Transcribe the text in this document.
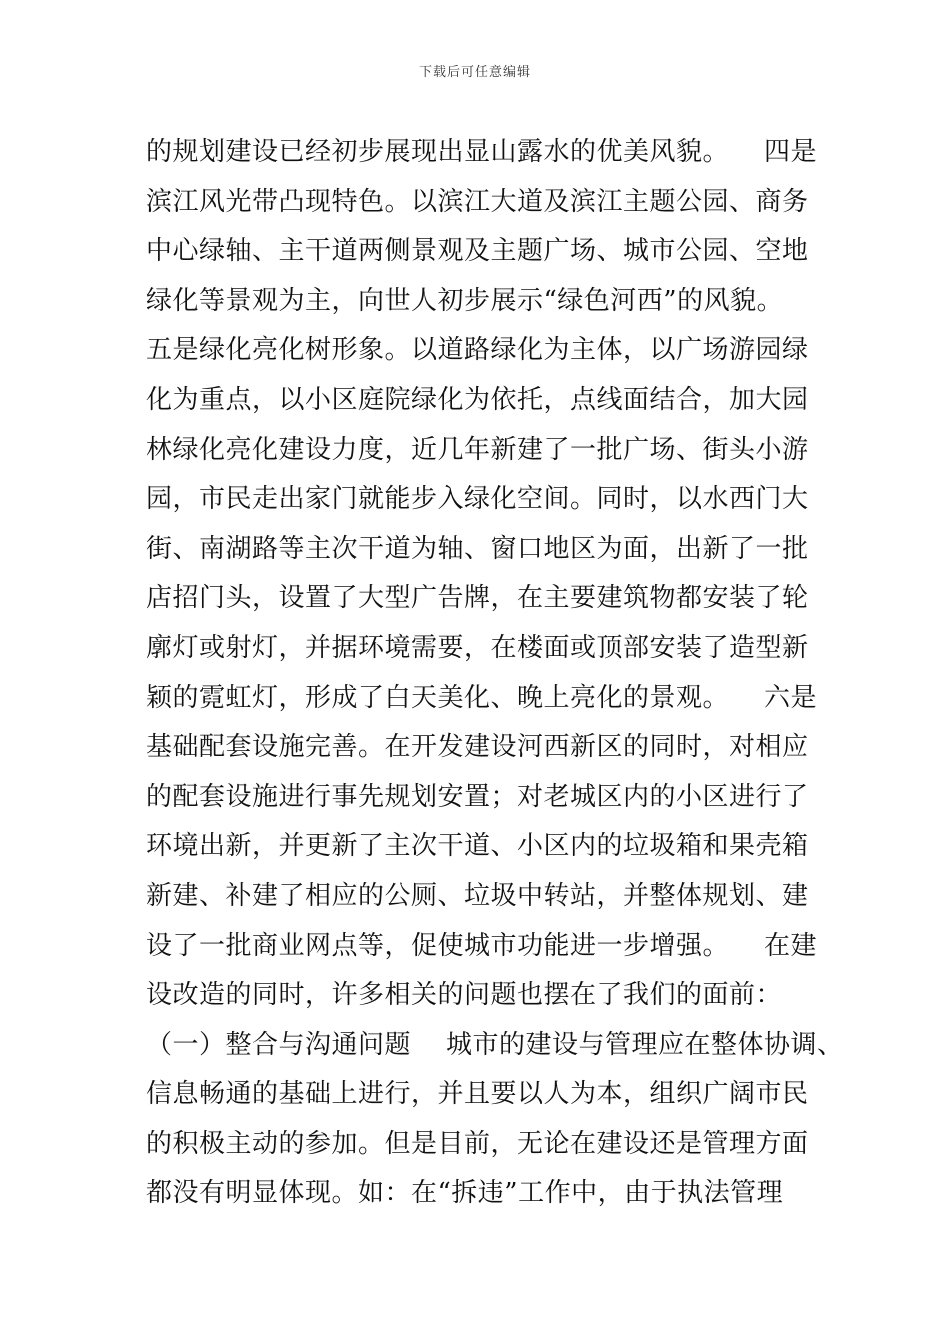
下载后可任意编辑
的规划建设已经初步展现出显山露水的优美风貌。    四是
滨江风光带凸现特色。以滨江大道及滨江主题公园、商务
中心绿轴、主干道两侧景观及主题广场、城市公园、空地
绿化等景观为主，向世人初步展示“绿色河西”的风貌。
五是绿化亮化树形象。以道路绿化为主体，以广场游园绿
化为重点，以小区庭院绿化为依托，点线面结合，加大园
林绿化亮化建设力度，近几年新建了一批广场、街头小游
园，市民走出家门就能步入绿化空间。同时，以水西门大
街、南湖路等主次干道为轴、窗口地区为面，出新了一批
店招门头，设置了大型广告牌，在主要建筑物都安装了轮
廓灯或射灯，并据环境需要，在楼面或顶部安装了造型新
颖的霓虹灯，形成了白天美化、晚上亮化的景观。    六是
基础配套设施完善。在开发建设河西新区的同时，对相应
的配套设施进行事先规划安置；对老城区内的小区进行了
环境出新，并更新了主次干道、小区内的垃圾箱和果壳箱
新建、补建了相应的公厕、垃圾中转站，并整体规划、建
设了一批商业网点等，促使城市功能进一步增强。    在建
设改造的同时，许多相关的问题也摆在了我们的面前：
（一）整合与沟通问题    城市的建设与管理应在整体协调、
信息畅通的基础上进行，并且要以人为本，组织广阔市民
的积极主动的参加。但是目前，无论在建设还是管理方面
都没有明显体现。如：在“拆违”工作中，由于执法管理
